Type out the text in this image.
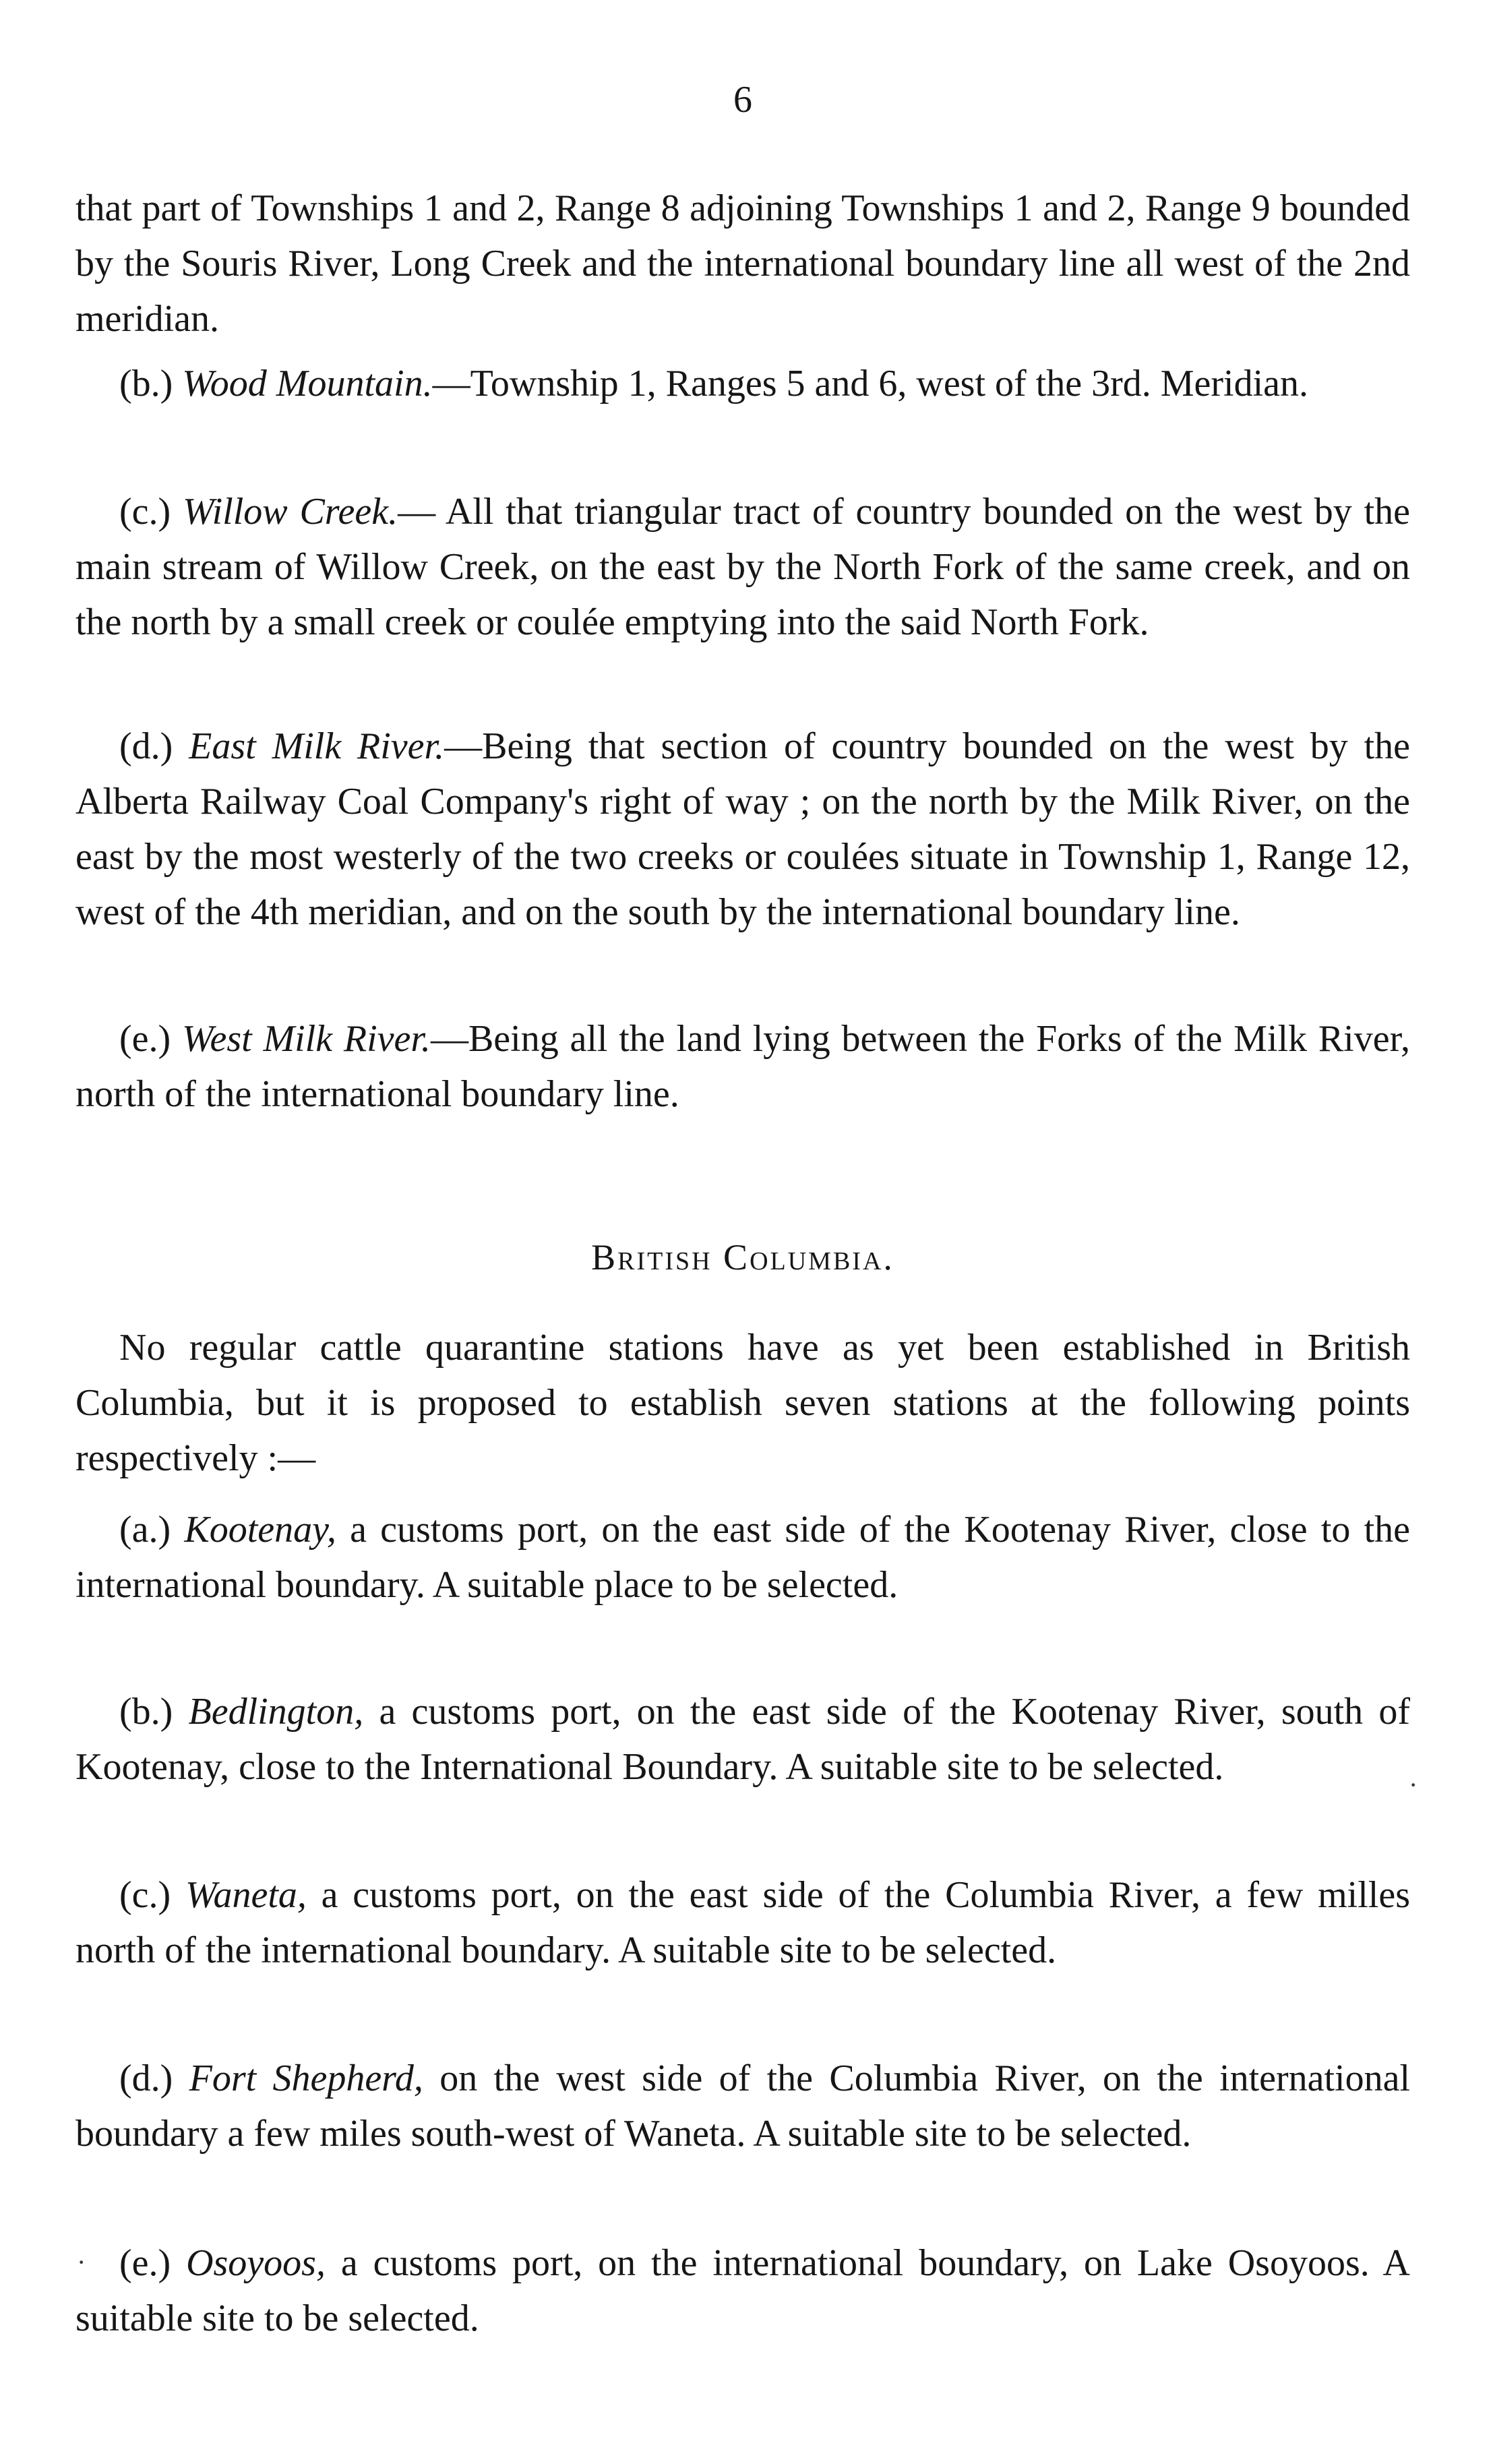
6

that part of Townships 1 and 2, Range 8 adjoining Townships 1 and 2, Range 9 bounded by the Souris River, Long Creek and the international boundary line all west of the 2nd meridian.

(b.) Wood Mountain.—Township 1, Ranges 5 and 6, west of the 3rd. Meridian.

(c.) Willow Creek.— All that triangular tract of country bounded on the west by the main stream of Willow Creek, on the east by the North Fork of the same creek, and on the north by a small creek or coulée emptying into the said North Fork.

(d.) East Milk River.—Being that section of country bounded on the west by the Alberta Railway Coal Company's right of way ; on the north by the Milk River, on the east by the most westerly of the two creeks or coulées situate in Township 1, Range 12, west of the 4th meridian, and on the south by the international boundary line.

(e.) West Milk River.—Being all the land lying between the Forks of the Milk River, north of the international boundary line.

British Columbia.

No regular cattle quarantine stations have as yet been established in British Columbia, but it is proposed to establish seven stations at the following points respectively :—

(a.) Kootenay, a customs port, on the east side of the Kootenay River, close to the international boundary. A suitable place to be selected.

(b.) Bedlington, a customs port, on the east side of the Kootenay River, south of Kootenay, close to the International Boundary. A suitable site to be selected.

(c.) Waneta, a customs port, on the east side of the Columbia River, a few milles north of the international boundary. A suitable site to be selected.

(d.) Fort Shepherd, on the west side of the Columbia River, on the international boundary a few miles south-west of Waneta. A suitable site to be selected.

(e.) Osoyoos, a customs port, on the international boundary, on Lake Osoyoos. A suitable site to be selected.

·
·
